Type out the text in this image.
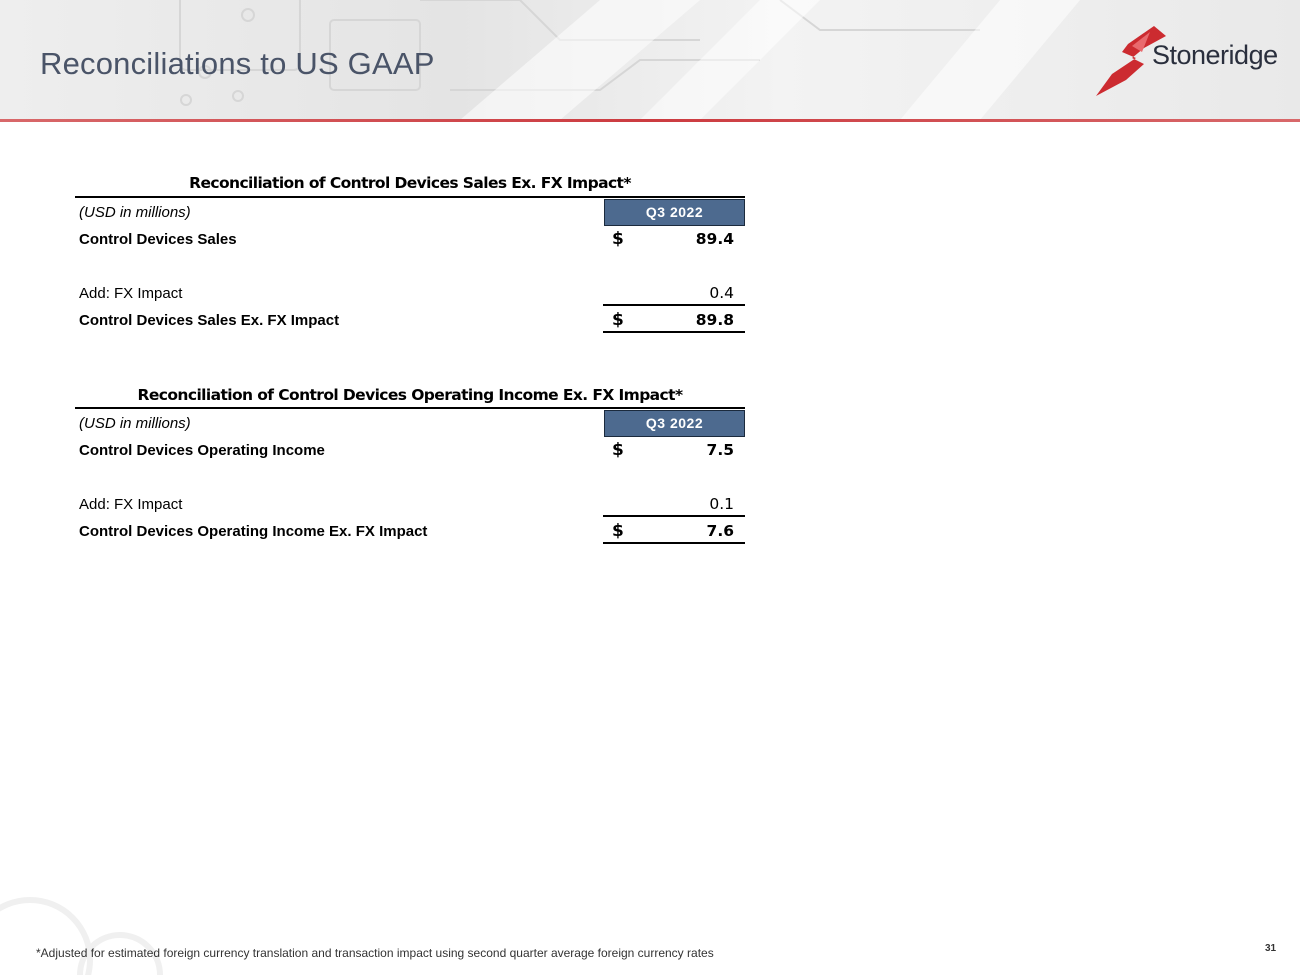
Reconciliations to US GAAP	Stoneridge
Reconciliation of Control Devices Sales Ex. FX Impact*
(USD in millions)	Q3 2022
Control Devices Sales	$	89.4
Add: FX Impact	0.4
Control Devices Sales Ex. FX Impact	$	89.8
Reconciliation of Control Devices Operating Income Ex. FX Impact*
(USD in millions)	Q3 2022
Control Devices Operating Income	$	7.5
Add: FX Impact	0.1
Control Devices Operating Income Ex. FX Impact	$	7.6
*Adjusted for estimated foreign currency translation and transaction impact using second quarter average foreign currency rates	31
